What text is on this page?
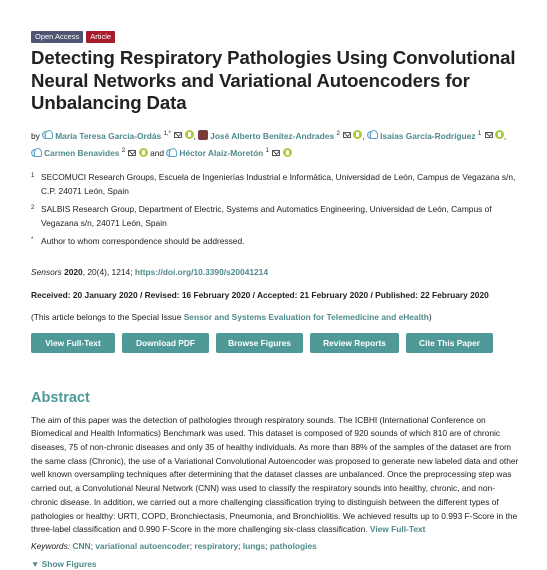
Open Access	Article
Detecting Respiratory Pathologies Using Convolutional Neural Networks and Variational Autoencoders for Unbalancing Data
by María Teresa García-Ordás $^{1,*}$	, José Alberto Benítez-Andrades $^2$	,
Isaías García-Rodríguez $^1$	,

Carmen Benavides $^2$	and Héctor Alaiz-Moretón $^1$
1 SECOMUCI Research Groups, Escuela de Ingenierías Industrial e Informática, Universidad de León, Campus de Vegazana s/n, C.P. 24071 León, Spain
2 SALBIS Research Group, Department of Electric, Systems and Automatics Engineering, Universidad de León, Campus of Vegazana s/n, 24071 León, Spain
* Author to whom correspondence should be addressed.
Sensors 2020, 20(4), 1214; https://doi.org/10.3390/s20041214
Received: 20 January 2020 / Revised: 16 February 2020 / Accepted: 21 February 2020 / Published: 22 February 2020
(This article belongs to the Special Issue Sensor and Systems Evaluation for Telemedicine and eHealth)
View Full-Text	Download PDF	Browse Figures	Review Reports	Cite This Paper
Abstract

The aim of this paper was the detection of pathologies through respiratory sounds. The ICBHI (International Conference on Biomedical and Health Informatics) Benchmark was used. This dataset is composed of 920 sounds of which 810 are of chronic diseases, 75 of non-chronic diseases and only 35 of healthy individuals. As more than 88% of the samples of the dataset are from the same class (Chronic), the use of a Variational Convolutional Autoencoder was proposed to generate new labeled data and other well known oversampling techniques after determining that the dataset classes are unbalanced. Once the preprocessing step was carried out, a Convolutional Neural Network (CNN) was used to classify the respiratory sounds into healthy, chronic, and non-chronic disease. In addition, we carried out a more challenging classification trying to distinguish between the different types of pathologies or healthy: URTI, COPD, Bronchiectasis, Pneumonia, and Bronchiolitis. We achieved results up to 0.993 F-Score in the three-label classification and 0.990 F-Score in the more challenging six-class classification. View Full-Text

Keywords: CNN; variational autoencoder; respiratory; lungs; pathologies
▼ Show Figures
